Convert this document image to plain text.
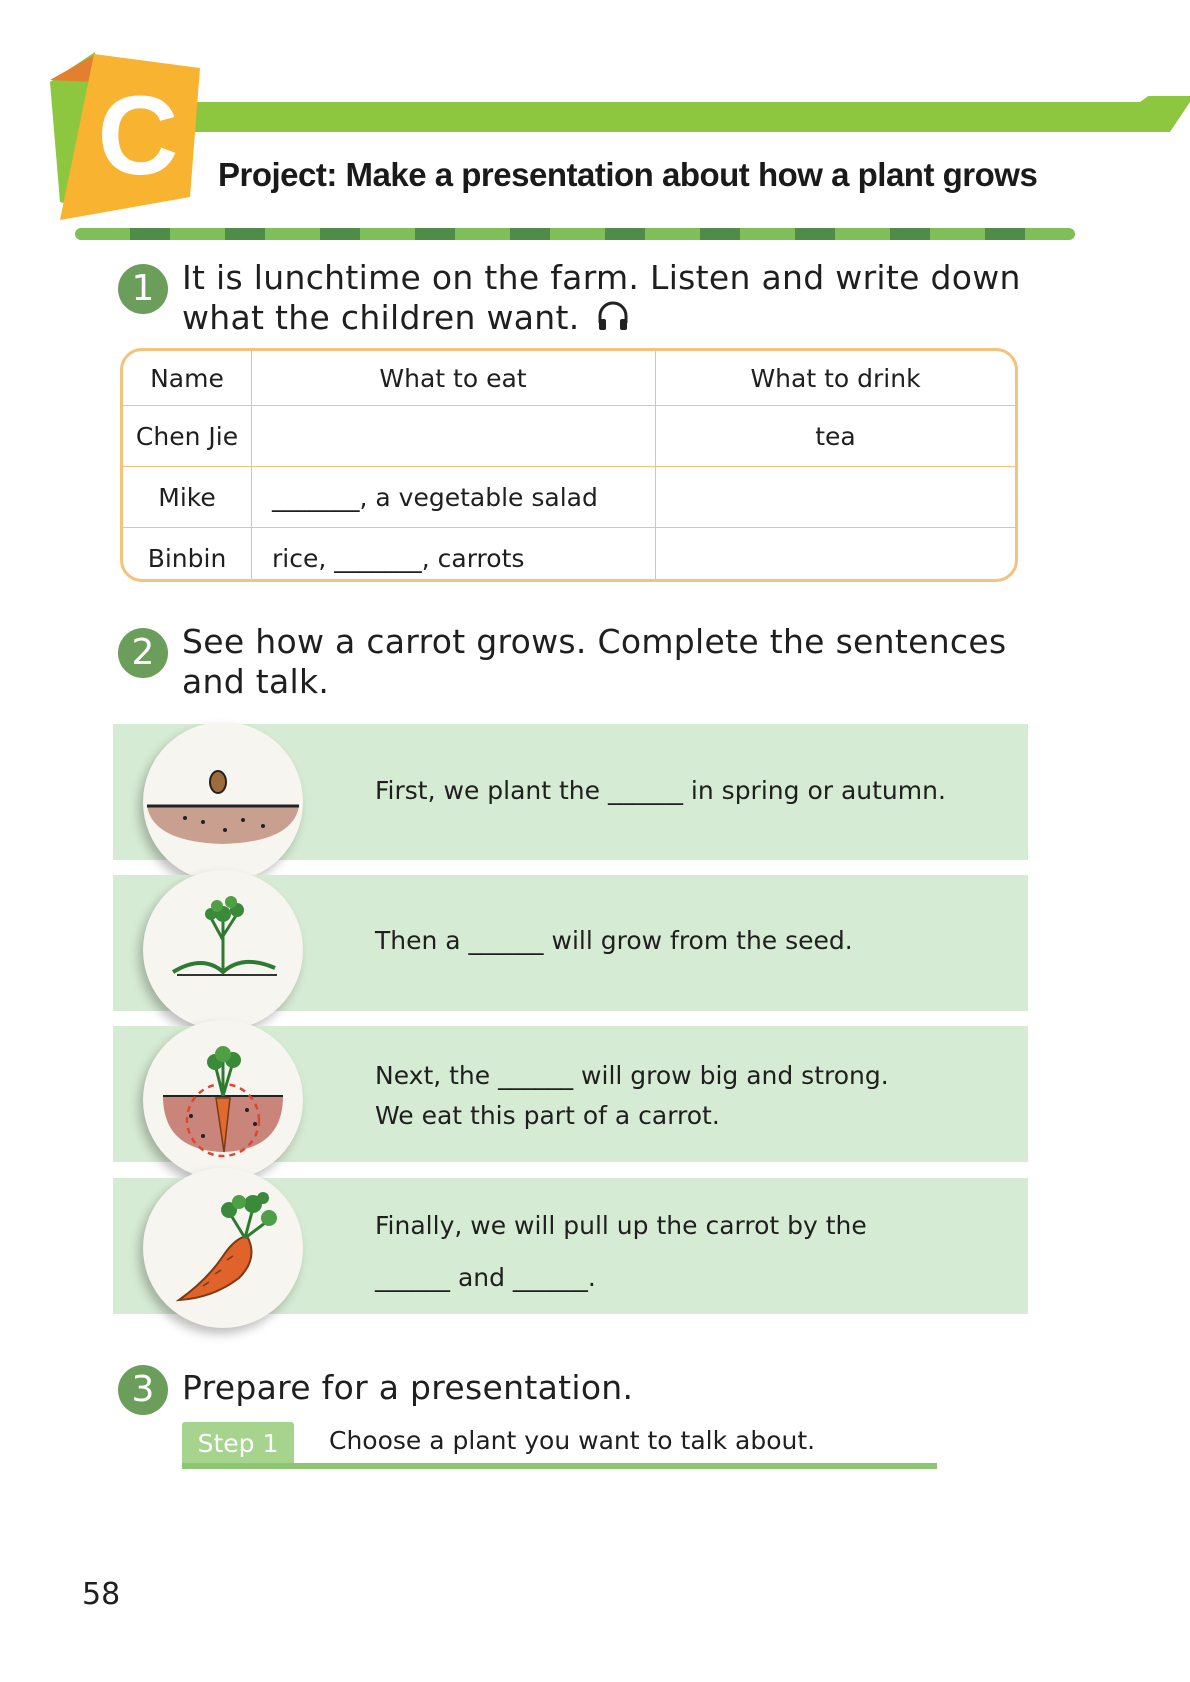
C Project: Make a presentation about how a plant grows
1 It is lunchtime on the farm. Listen and write down
what the children want.
Name	What to eat	What to drink
Chen Jie		tea
Mike	_______, a vegetable salad	
Binbin	rice, _______, carrots	
2 See how a carrot grows. Complete the sentences
and talk.
First, we plant the ______ in spring or autumn.
Then a ______ will grow from the seed.
Next, the ______ will grow big and strong.
We eat this part of a carrot.
Finally, we will pull up the carrot by the
______ and ______.
3 Prepare for a presentation.
Step 1	Choose a plant you want to talk about.
58
